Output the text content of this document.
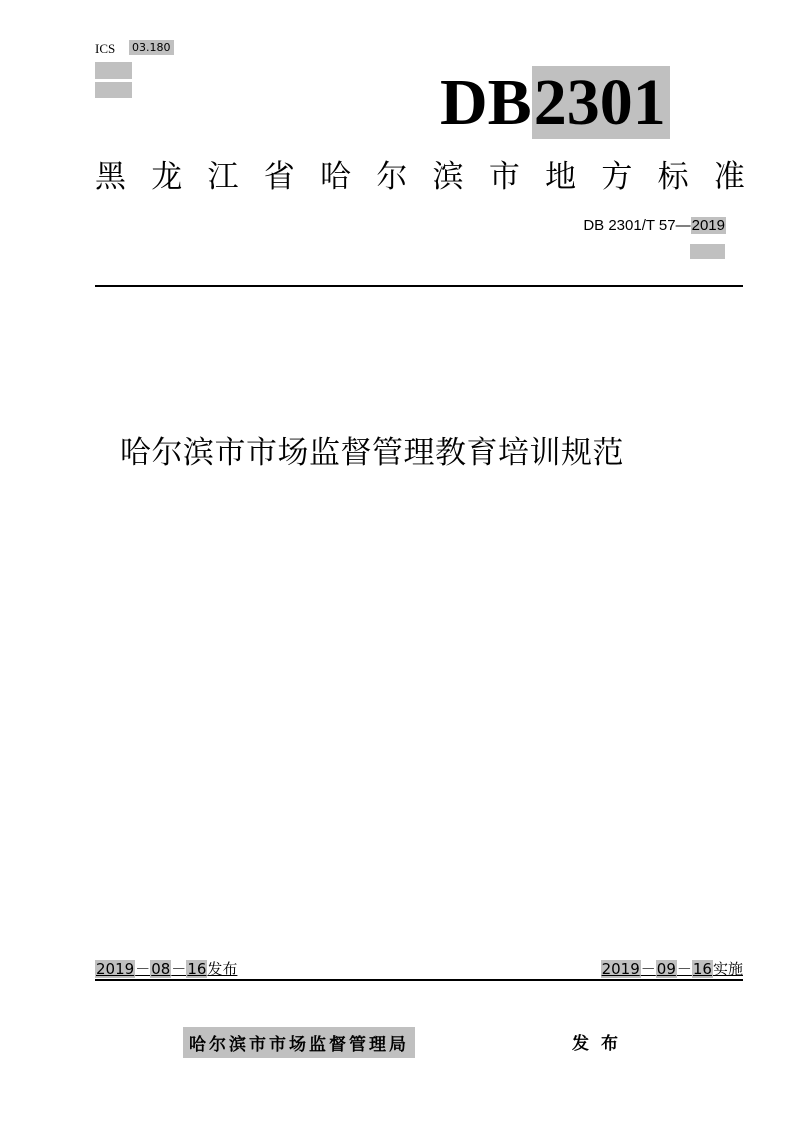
ICS 03.180
DB2301
黑 龙 江 省 哈 尔 滨 市 地 方 标 准
DB 2301/T 57—2019
哈尔滨市市场监督管理教育培训规范
2019－08－16发布	2019－09－16实施
哈尔滨市市场监督管理局	发布
